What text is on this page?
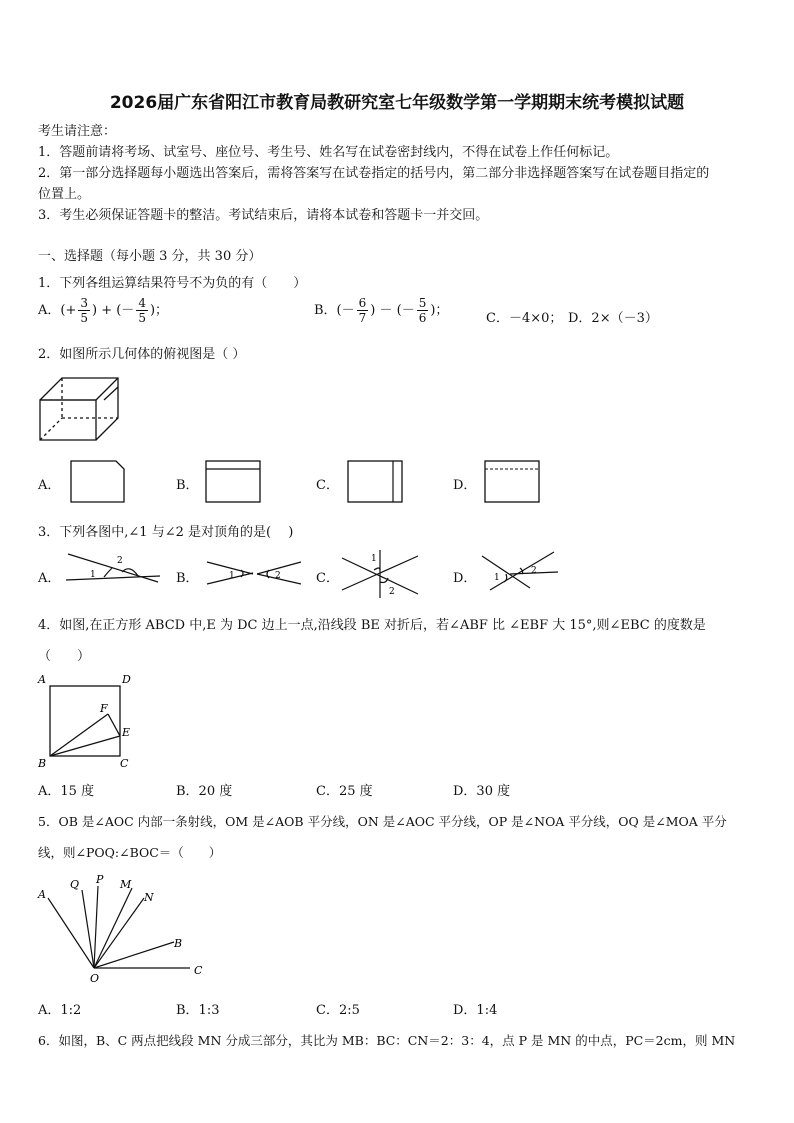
2026届广东省阳江市教育局教研究室七年级数学第一学期期末统考模拟试题
考生请注意：
1．答题前请将考场、试室号、座位号、考生号、姓名写在试卷密封线内，不得在试卷上作任何标记。
2．第一部分选择题每小题选出答案后，需将答案写在试卷指定的括号内，第二部分非选择题答案写在试卷题目指定的
位置上。
3．考生必须保证答题卡的整洁。考试结束后，请将本试卷和答题卡一并交回。
一、选择题（每小题 3 分，共 30 分）
1．下列各组运算结果符号不为负的有（　　）
A．(+ $\frac{3}{5}$ ) + (－ $\frac{4}{5}$ )；	B．(－ $\frac{6}{7}$ ) － (－ $\frac{5}{6}$ )；
C．－4×0； D．2×（－3）
2．如图所示几何体的俯视图是（ ）
A．	B．	C．	D．
3．下列各图中,∠1 与∠2 是对顶角的是(　 )
A．	1
2
B．	1	2	C．
1
2
D． 1
2
4．如图,在正方形 ABCD 中,E 为 DC 边上一点,沿线段 BE 对折后，若∠ABF 比 ∠EBF 大 15°,则∠EBC 的度数是
（　　）
A	D
B	C
E
F
A．15 度	B．20 度	C．25 度	D．30 度
5．OB 是∠AOC 内部一条射线，OM 是∠AOB 平分线，ON 是∠AOC 平分线，OP 是∠NOA 平分线，OQ 是∠MOA 平分
线，则∠POQ:∠BOC＝（　　）
A
Q P M
N
B
C
O
A．1:2	B．1:3	C．2:5	D．1:4
6．如图，B、C 两点把线段 MN 分成三部分，其比为 MB：BC：CN＝2：3：4，点 P 是 MN 的中点，PC＝2cm，则 MN
